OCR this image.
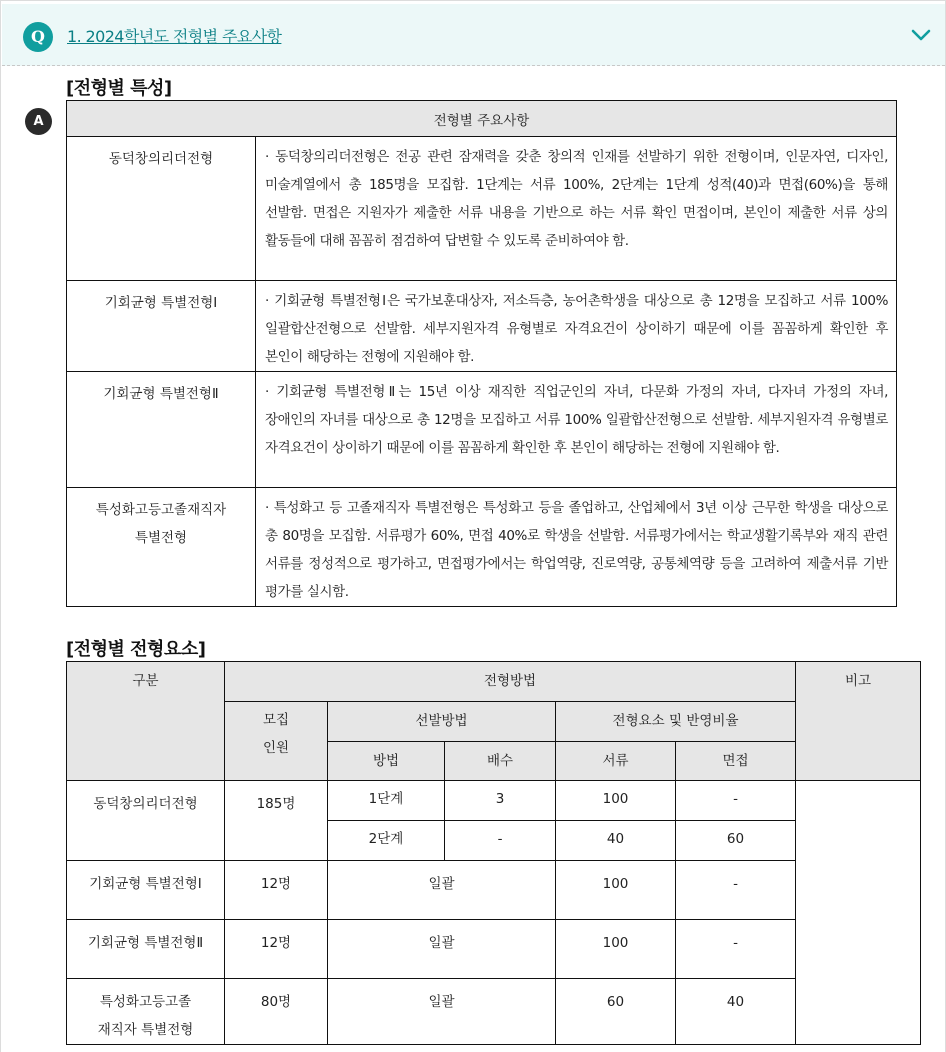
Q	1. 2024학년도 전형별 주요사항
[전형별 특성]
A	전형별 주요사항	
동덕창의리더전형	· 동덕창의리더전형은 전공 관련 잠재력을 갖춘 창의적 인재를 선발하기 위한 전형이며, 인문자연, 디자인, 미술계열에서 총 185명을 모집함. 1단계는 서류 100%, 2단계는 1단계 성적(40)과 면접(60%)을 통해 선발함. 면접은 지원자가 제출한 서류 내용을 기반으로 하는 서류 확인 면접이며, 본인이 제출한 서류 상의 활동들에 대해 꼼꼼히 점검하여 답변할 수 있도록 준비하여야 함.
기회균형 특별전형Ⅰ	· 기회균형 특별전형Ⅰ은 국가보훈대상자, 저소득층, 농어촌학생을 대상으로 총 12명을 모집하고 서류 100% 일괄합산전형으로 선발함. 세부지원자격 유형별로 자격요건이 상이하기 때문에 이를 꼼꼼하게 확인한 후 본인이 해당하는 전형에 지원해야 함.
기회균형 특별전형Ⅱ	· 기회균형 특별전형Ⅱ는 15년 이상 재직한 직업군인의 자녀, 다문화 가정의 자녀, 다자녀 가정의 자녀, 장애인의 자녀를 대상으로 총 12명을 모집하고 서류 100% 일괄합산전형으로 선발함. 세부지원자격 유형별로 자격요건이 상이하기 때문에 이를 꼼꼼하게 확인한 후 본인이 해당하는 전형에 지원해야 함.

특성화고등고졸재직자
특별전형	· 특성화고 등 고졸재직자 특별전형은 특성화고 등을 졸업하고, 산업체에서 3년 이상 근무한 학생을 대상으로 총 80명을 모집함. 서류평가 60%, 면접 40%로 학생을 선발함. 서류평가에서는 학교생활기록부와 재직 관련 서류를 정성적으로 평가하고, 면접평가에서는 학업역량, 진로역량, 공통체역량 등을 고려하여 제출서류 기반 평가를 실시함.
[전형별 전형요소]
구분	전형방법					비고

	모집
인원	선발방법		전형요소 및 반영비율		
		방법	배수	서류	면접	
동덕창의리더전형	185명	1단계	3	100	-	
		2단계	-	40	60	
기회균형 특별전형Ⅰ	12명	일괄		100	-	
기회균형 특별전형Ⅱ	12명	일괄		100	-	

특성화고등고졸
재직자 특별전형	80명	일괄		60	40	
